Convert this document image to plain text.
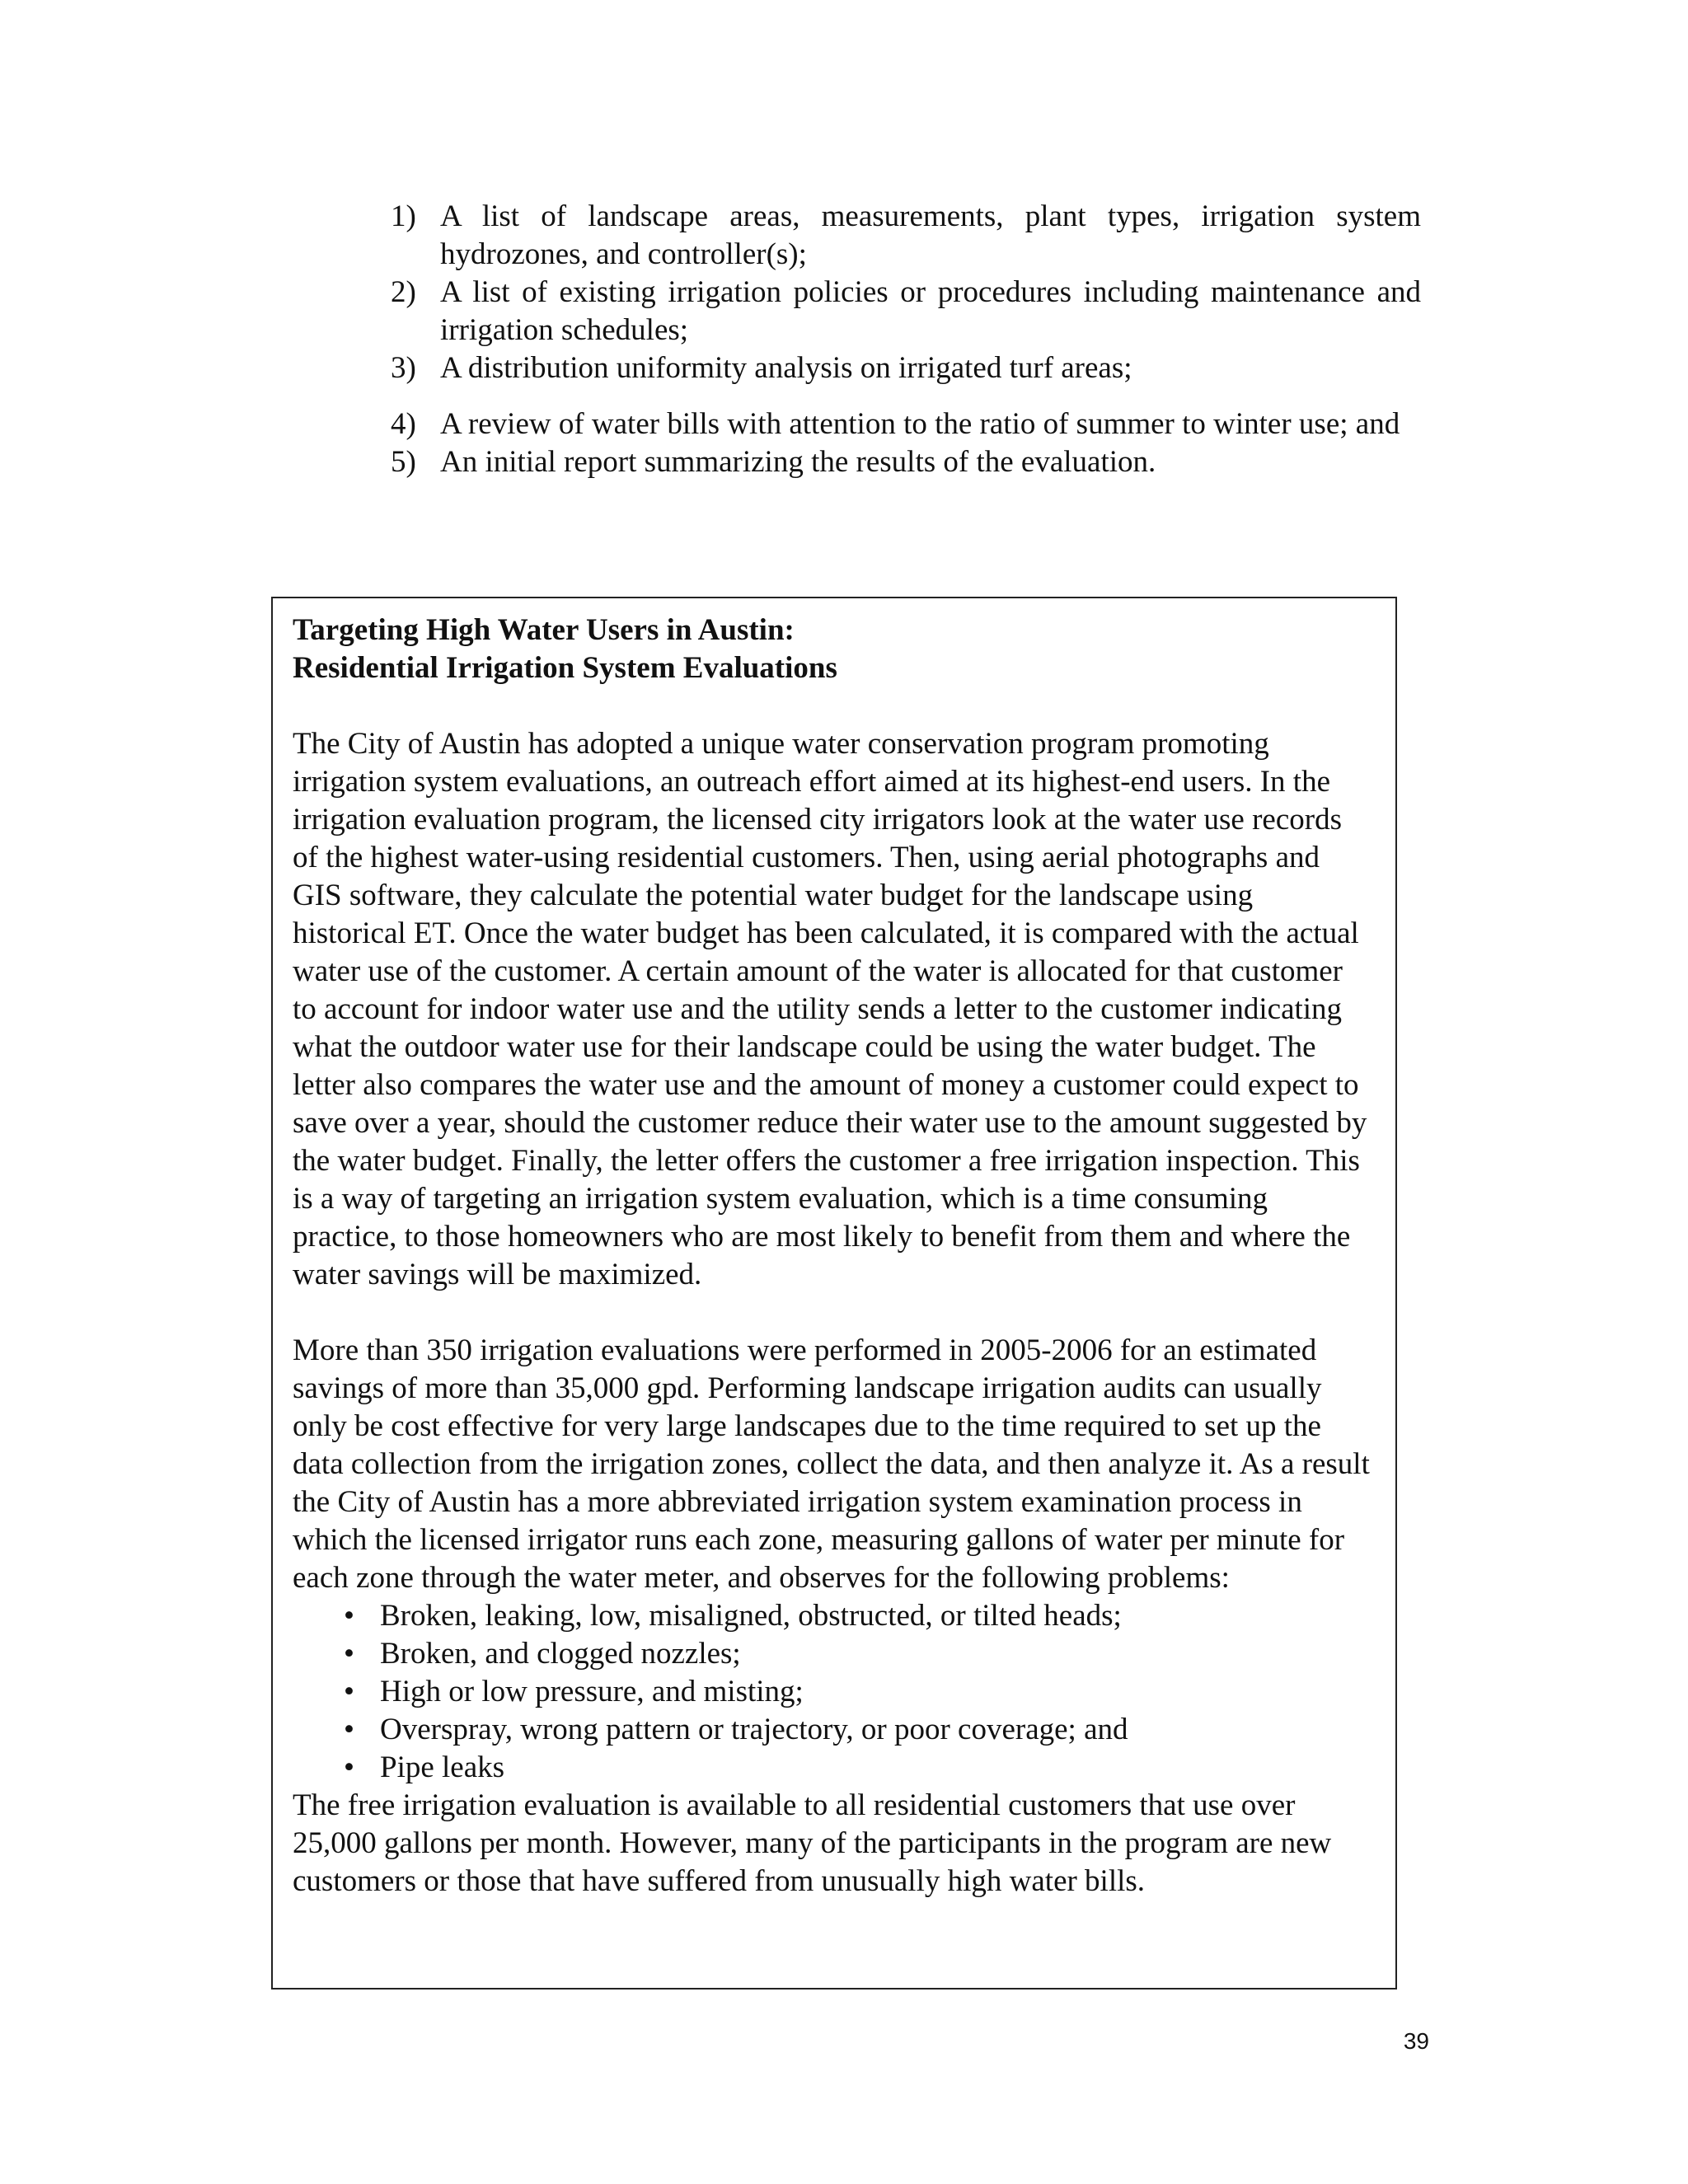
1) A list of landscape areas, measurements, plant types, irrigation system hydrozones, and controller(s);
2) A list of existing irrigation policies or procedures including maintenance and irrigation schedules;
3) A distribution uniformity analysis on irrigated turf areas;
4) A review of water bills with attention to the ratio of summer to winter use; and
5) An initial report summarizing the results of the evaluation.

Targeting High Water Users in Austin:

Residential Irrigation System Evaluations

The City of Austin has adopted a unique water conservation program promoting irrigation system evaluations, an outreach effort aimed at its highest-end users. In the irrigation evaluation program, the licensed city irrigators look at the water use records of the highest water-using residential customers. Then, using aerial photographs and GIS software, they calculate the potential water budget for the landscape using historical ET. Once the water budget has been calculated, it is compared with the actual water use of the customer. A certain amount of the water is allocated for that customer to account for indoor water use and the utility sends a letter to the customer indicating what the outdoor water use for their landscape could be using the water budget. The letter also compares the water use and the amount of money a customer could expect to save over a year, should the customer reduce their water use to the amount suggested by the water budget. Finally, the letter offers the customer a free irrigation inspection. This is a way of targeting an irrigation system evaluation, which is a time consuming practice, to those homeowners who are most likely to benefit from them and where the water savings will be maximized.

More than 350 irrigation evaluations were performed in 2005-2006 for an estimated savings of more than 35,000 gpd. Performing landscape irrigation audits can usually only be cost effective for very large landscapes due to the time required to set up the data collection from the irrigation zones, collect the data, and then analyze it. As a result the City of Austin has a more abbreviated irrigation system examination process in which the licensed irrigator runs each zone, measuring gallons of water per minute for each zone through the water meter, and observes for the following problems:

• Broken, leaking, low, misaligned, obstructed, or tilted heads;
• Broken, and clogged nozzles;
• High or low pressure, and misting;
• Overspray, wrong pattern or trajectory, or poor coverage; and
• Pipe leaks

The free irrigation evaluation is available to all residential customers that use over 25,000 gallons per month. However, many of the participants in the program are new customers or those that have suffered from unusually high water bills.

39
